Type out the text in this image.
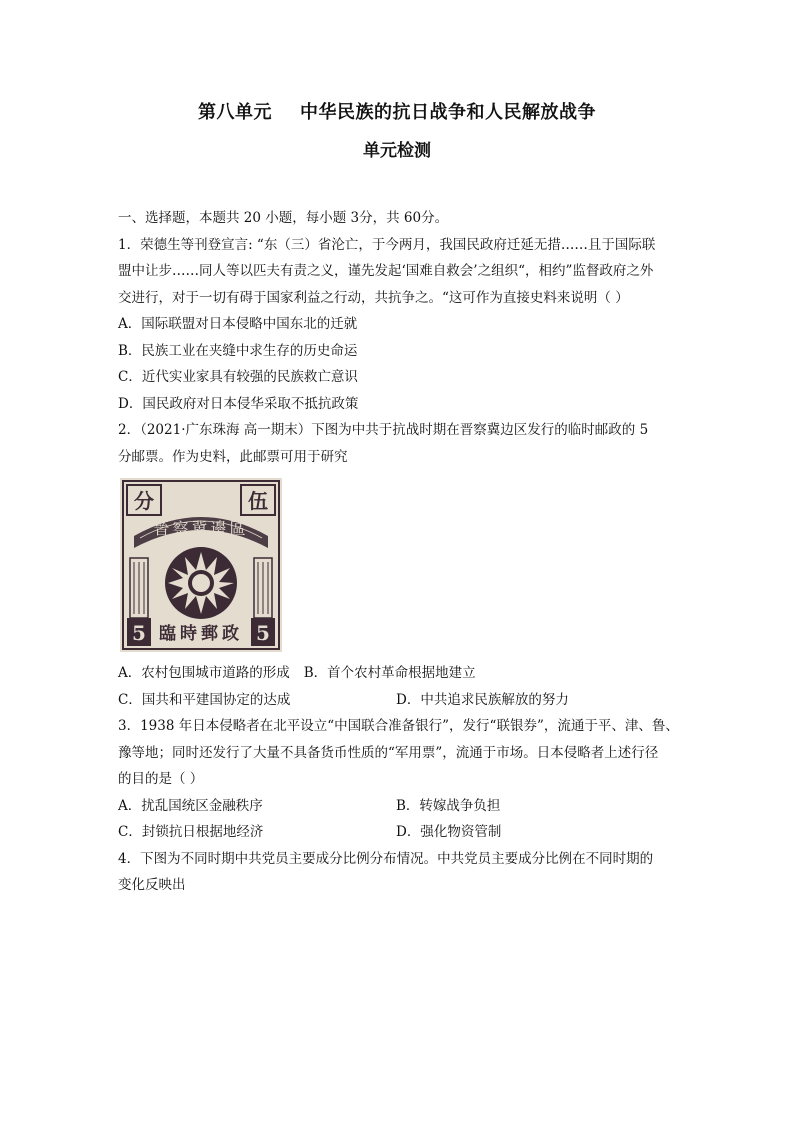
第八单元 中华民族的抗日战争和人民解放战争
单元检测
一、选择题，本题共 20 小题，每小题 3分，共 60分。
1．荣德生等刊登宣言: “东（三）省沦亡，于今两月，我国民政府迁延无措……且于国际联
盟中让步……同人等以匹夫有责之义，谨先发起‘国难自救会’之组织“，相约”监督政府之外
交进行，对于一切有碍于国家利益之行动，共抗争之。“这可作为直接史料来说明（ ）
A．国际联盟对日本侵略中国东北的迁就
B．民族工业在夹缝中求生存的历史命运
C．近代实业家具有较强的民族救亡意识
D．国民政府对日本侵华采取不抵抗政策
2．（2021·广东珠海 高一期末）下图为中共于抗战时期在晋察冀边区发行的临时邮政的 5
分邮票。作为史料，此邮票可用于研究
分	伍
晉察冀邊區
5	5
臨時郵政
A．农村包围城市道路的形成 B．首个农村革命根据地建立
C．国共和平建国协定的达成	D．中共追求民族解放的努力
3．1938 年日本侵略者在北平设立“中国联合准备银行”，发行“联银券”，流通于平、津、鲁、
豫等地；同时还发行了大量不具备货币性质的“军用票”，流通于市场。日本侵略者上述行径
的目的是（ ）
A．扰乱国统区金融秩序	B．转嫁战争负担
C．封锁抗日根据地经济	D．强化物资管制
4．下图为不同时期中共党员主要成分比例分布情况。中共党员主要成分比例在不同时期的
变化反映出
